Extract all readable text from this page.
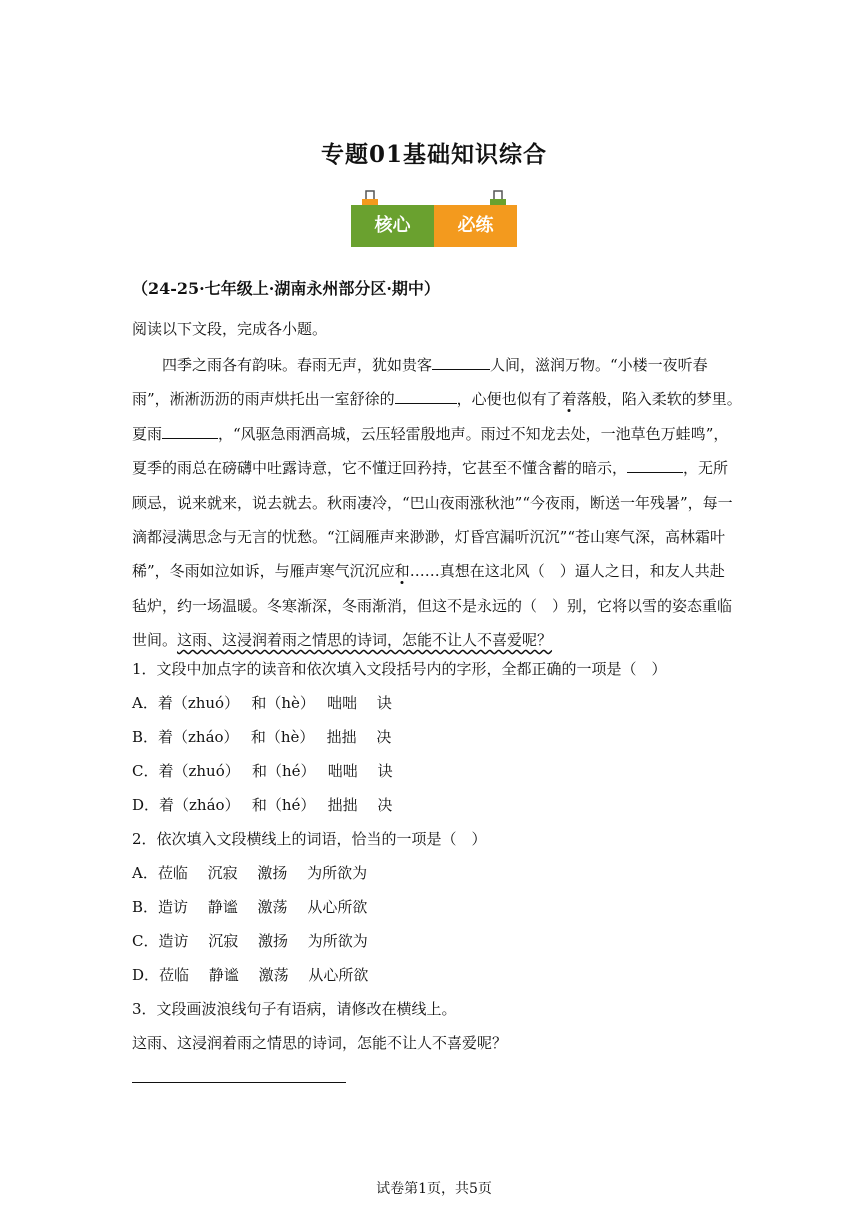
专题01基础知识综合
核心	必练
（24-25·七年级上·湖南永州部分区·期中）
阅读以下文段，完成各小题。
四季之雨各有韵味。春雨无声，犹如贵客	人间，滋润万物。“小楼一夜听春
雨”，淅淅沥沥的雨声烘托出一室舒徐的	，心便也似有了着落般，陷入柔软的梦里。
夏雨	，“风驱急雨洒高城，云压轻雷殷地声。雨过不知龙去处，一池草色万蛙鸣”，
夏季的雨总在磅礴中吐露诗意，它不懂迂回矜持，它甚至不懂含蓄的暗示，	，无所
顾忌，说来就来，说去就去。秋雨凄冷，“巴山夜雨涨秋池”“今夜雨，断送一年残暑”，每一
滴都浸满思念与无言的忧愁。“江阔雁声来渺渺，灯昏宫漏听沉沉”“苍山寒气深，高林霜叶
稀”，冬雨如泣如诉，与雁声寒气沉沉应和……真想在这北风（　）逼人之日，和友人共赴
毡炉，约一场温暖。冬寒渐深，冬雨渐消，但这不是永远的（　）别，它将以雪的姿态重临
世间。这雨、这浸润着雨之情思的诗词，怎能不让人不喜爱呢？
1．文段中加点字的读音和依次填入文段括号内的字形，全都正确的一项是（　）
A．着（zhuó）　 和（hè）　 咄咄　 诀
B．着（zháo）　 和（hè）　 拙拙　 决
C．着（zhuó）　 和（hé）　 咄咄　 诀
D．着（zháo）　 和（hé）　 拙拙　 决
2．依次填入文段横线上的词语，恰当的一项是（　）
A．莅临　 沉寂　 激扬　 为所欲为
B．造访　 静谧　 激荡　 从心所欲
C．造访　 沉寂　 激扬　 为所欲为
D．莅临　 静谧　 激荡　 从心所欲
3．文段画波浪线句子有语病，请修改在横线上。
这雨、这浸润着雨之情思的诗词，怎能不让人不喜爱呢？
试卷第1页，共5页
